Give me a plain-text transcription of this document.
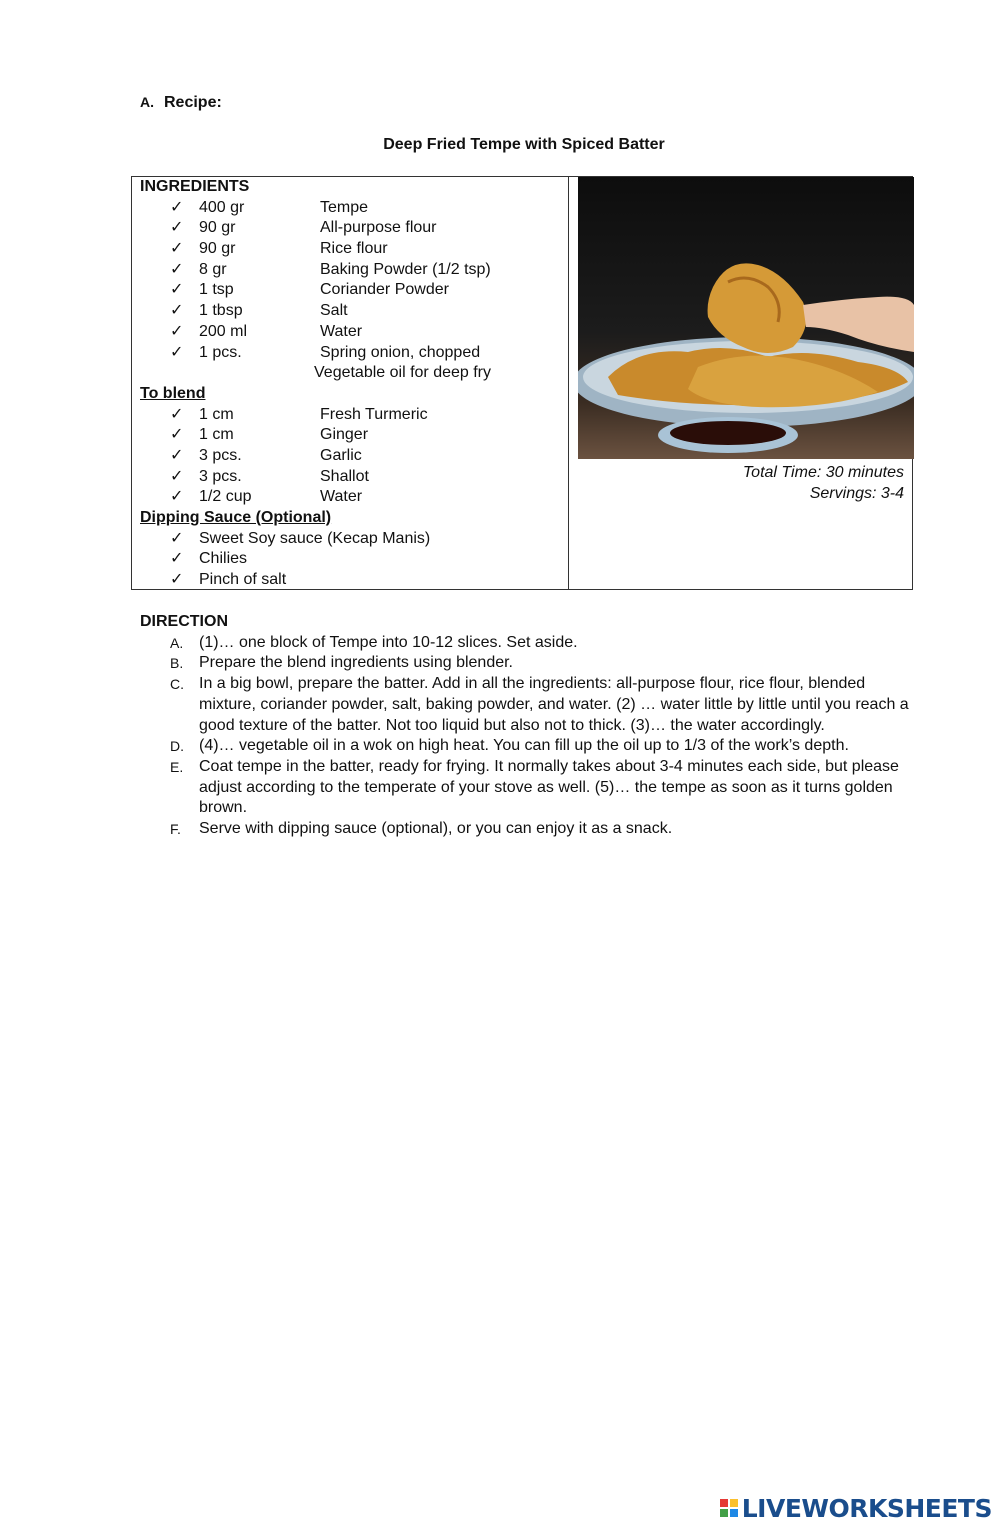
A. Recipe:
Deep Fried Tempe with Spiced Batter
INGREDIENTS
✓ 400 gr	Tempe
✓ 90 gr	All-purpose flour
✓ 90 gr	Rice flour
✓ 8 gr	Baking Powder (1/2 tsp)
✓ 1 tsp	Coriander Powder
✓ 1 tbsp	Salt
✓ 200 ml	Water
✓ 1 pcs.	Spring onion, chopped
Vegetable oil for deep fry
To blend
✓ 1 cm	Fresh Turmeric
✓ 1 cm	Ginger
✓ 3 pcs.	Garlic
✓ 3 pcs.	Shallot
✓ 1/2 cup	Water
Dipping Sauce (Optional)
✓ Sweet Soy sauce (Kecap Manis)
✓ Chilies
✓ Pinch of salt
Total Time: 30 minutes
Servings: 3-4
DIRECTION
A. (1)… one block of Tempe into 10-12 slices. Set aside.
B. Prepare the blend ingredients using blender.
C. In a big bowl, prepare the batter. Add in all the ingredients: all-purpose flour, rice flour, blended mixture, coriander powder, salt, baking powder, and water. (2) … water little by little until you reach a good texture of the batter. Not too liquid but also not to thick. (3)… the water accordingly.
D. (4)… vegetable oil in a wok on high heat. You can fill up the oil up to 1/3 of the work’s depth.
E. Coat tempe in the batter, ready for frying. It normally takes about 3-4 minutes each side, but please adjust according to the temperate of your stove as well. (5)… the tempe as soon as it turns golden brown.
F. Serve with dipping sauce (optional), or you can enjoy it as a snack.
LIVEWORKSHEETS
